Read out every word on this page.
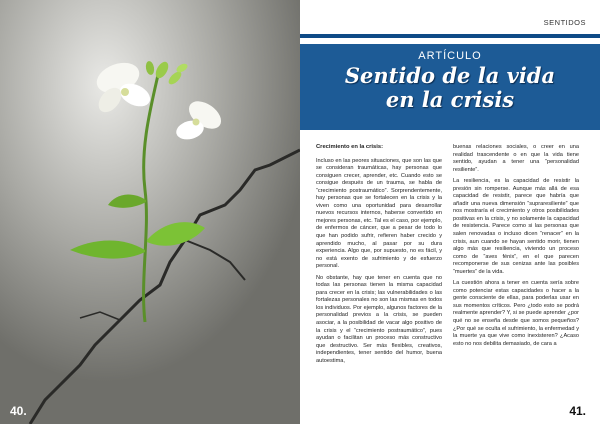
40.
SENTIDOS
ARTÍCULO
Sentido de la vida
en la crisis
Crecimiento en la crisis:

Incluso en las peores situaciones, que son las que se consideran traumáticas, hay personas que consiguen crecer, aprender, etc. Cuando esto se consigue después de un trauma, se habla de “crecimiento postraumático”. Sorprendentemente, hay personas que se fortalecen en la crisis y la viven como una oportunidad para desarrollar nuevos recursos internos, haberse convertido en mejores personas, etc. Tal es el caso, por ejemplo, de enfermos de cáncer, que a pesar de todo lo que han podido sufrir, refieren haber crecido y aprendido mucho, al pasar por su dura experiencia. Algo que, por supuesto, no es fácil, y no está exento de sufrimiento y de esfuerzo personal.

No obstante, hay que tener en cuenta que no todas las personas tienen la misma capacidad para crecer en la crisis; las vulnerabilidades o las fortalezas personales no son las mismas en todos los individuos. Por ejemplo, algunos factores de la personalidad previos a la crisis, se pueden asociar, a la posibilidad de vacar algo positivo de la crisis y el “crecimiento postraumático”, pues ayudan o facilitan un proceso más constructivo que destructivo. Ser más flexibles, creativos, independientes, tener sentido del humor, buena autoestima,

buenas relaciones sociales, o creer en una realidad trascendente o en que la vida tiene sentido, ayudan a tener una “personalidad resiliente”.

La resiliencia, es la capacidad de resistir la presión sin romperse. Aunque más allá de esa capacidad de resistir, parece que habría que añadir una nueva dimensión “supraresiliente” que nos mostraría el crecimiento y otros posibilidades positivas en la crisis, y no solamente la capacidad de resistencia. Parece como si las personas que salen renovadas o incluso dicen “renacer” en la crisis, aun cuando se hayan sentido morir, tienen algo más que resiliencia, viviendo un proceso como de “aves fénix”, en el que parecen recomponerse de sus cenizas ante las posibles “muertes” de la vida.

La cuestión ahora a tener en cuenta sería sobre como potenciar estas capacidades o hacer a la gente consciente de ellas, para poderlas usar en sus momentos críticos. Pero ¿todo esto se podrá realmente aprender? Y, si se puede aprender ¿por qué no se enseña desde que somos pequeños? ¿Por qué se oculta el sufrimiento, la enfermedad y la muerte ya que vive como inexisteren? ¿Acaso esto no nos debilita demasiado, de cara a

41.
